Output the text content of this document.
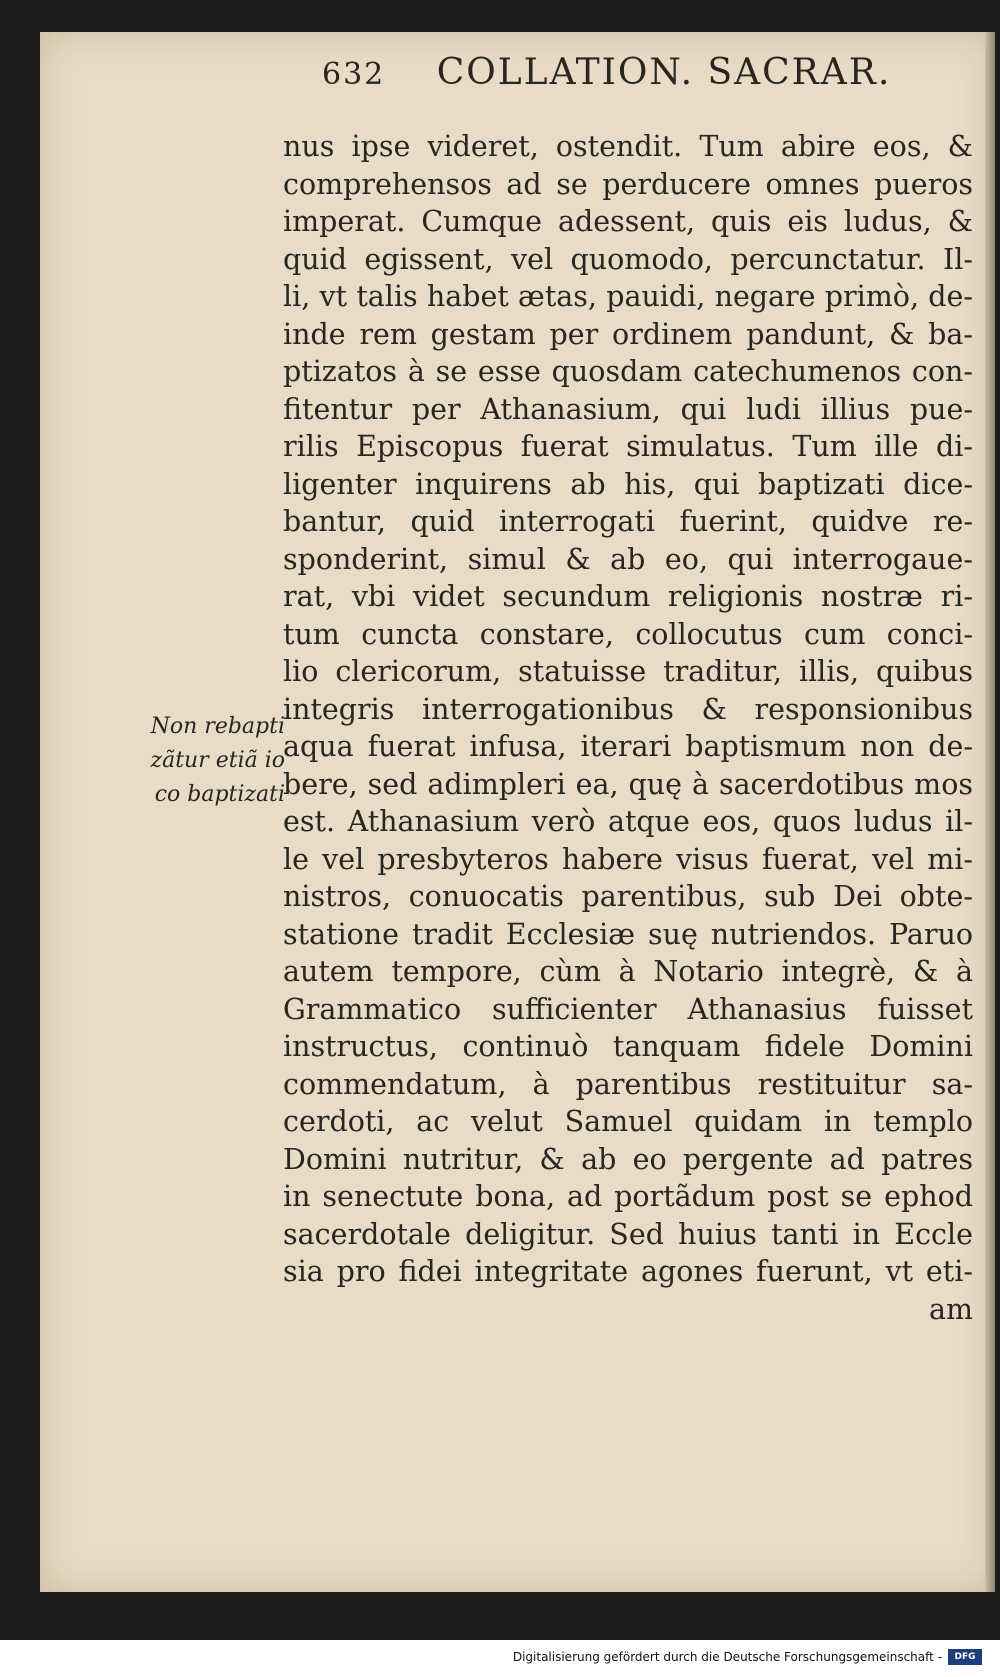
632 COLLATION. SACRAR.
nus ipse videret, ostendit. Tum abire eos, &
comprehensos ad se perducere omnes pueros
imperat. Cumque adessent, quis eis ludus, &
quid egissent, vel quomodo, percunctatur. Il-
li, vt talis habet ætas, pauidi, negare primò, de-
inde rem gestam per ordinem pandunt, & ba-
ptizatos à se esse quosdam catechumenos con-
fitentur per Athanasium, qui ludi illius pue-
rilis Episcopus fuerat simulatus. Tum ille di-
ligenter inquirens ab his, qui baptizati dice-
bantur, quid interrogati fuerint, quidve re-
sponderint, simul & ab eo, qui interrogaue-
rat, vbi videt secundum religionis nostræ ri-
tum cuncta constare, collocutus cum conci-
lio clericorum, statuisse traditur, illis, quibus
integris interrogationibus & responsionibus
aqua fuerat infusa, iterari baptismum non de-
bere, sed adimpleri ea, quę à sacerdotibus mos
est. Athanasium verò atque eos, quos ludus il-
le vel presbyteros habere visus fuerat, vel mi-
nistros, conuocatis parentibus, sub Dei obte-
statione tradit Ecclesiæ suę nutriendos. Paruo
autem tempore, cùm à Notario integrè, & à
Grammatico sufficienter Athanasius fuisset
instructus, continuò tanquam fidele Domini
commendatum, à parentibus restituitur sa-
cerdoti, ac velut Samuel quidam in templo
Domini nutritur, & ab eo pergente ad patres
in senectute bona, ad portãdum post se ephod
sacerdotale deligitur. Sed huius tanti in Eccle
sia pro fidei integritate agones fuerunt, vt eti-
am
Non rebapti
zãtur etiã io
co baptizati
Digitalisierung gefördert durch die Deutsche Forschungsgemeinschaft -	DFG
